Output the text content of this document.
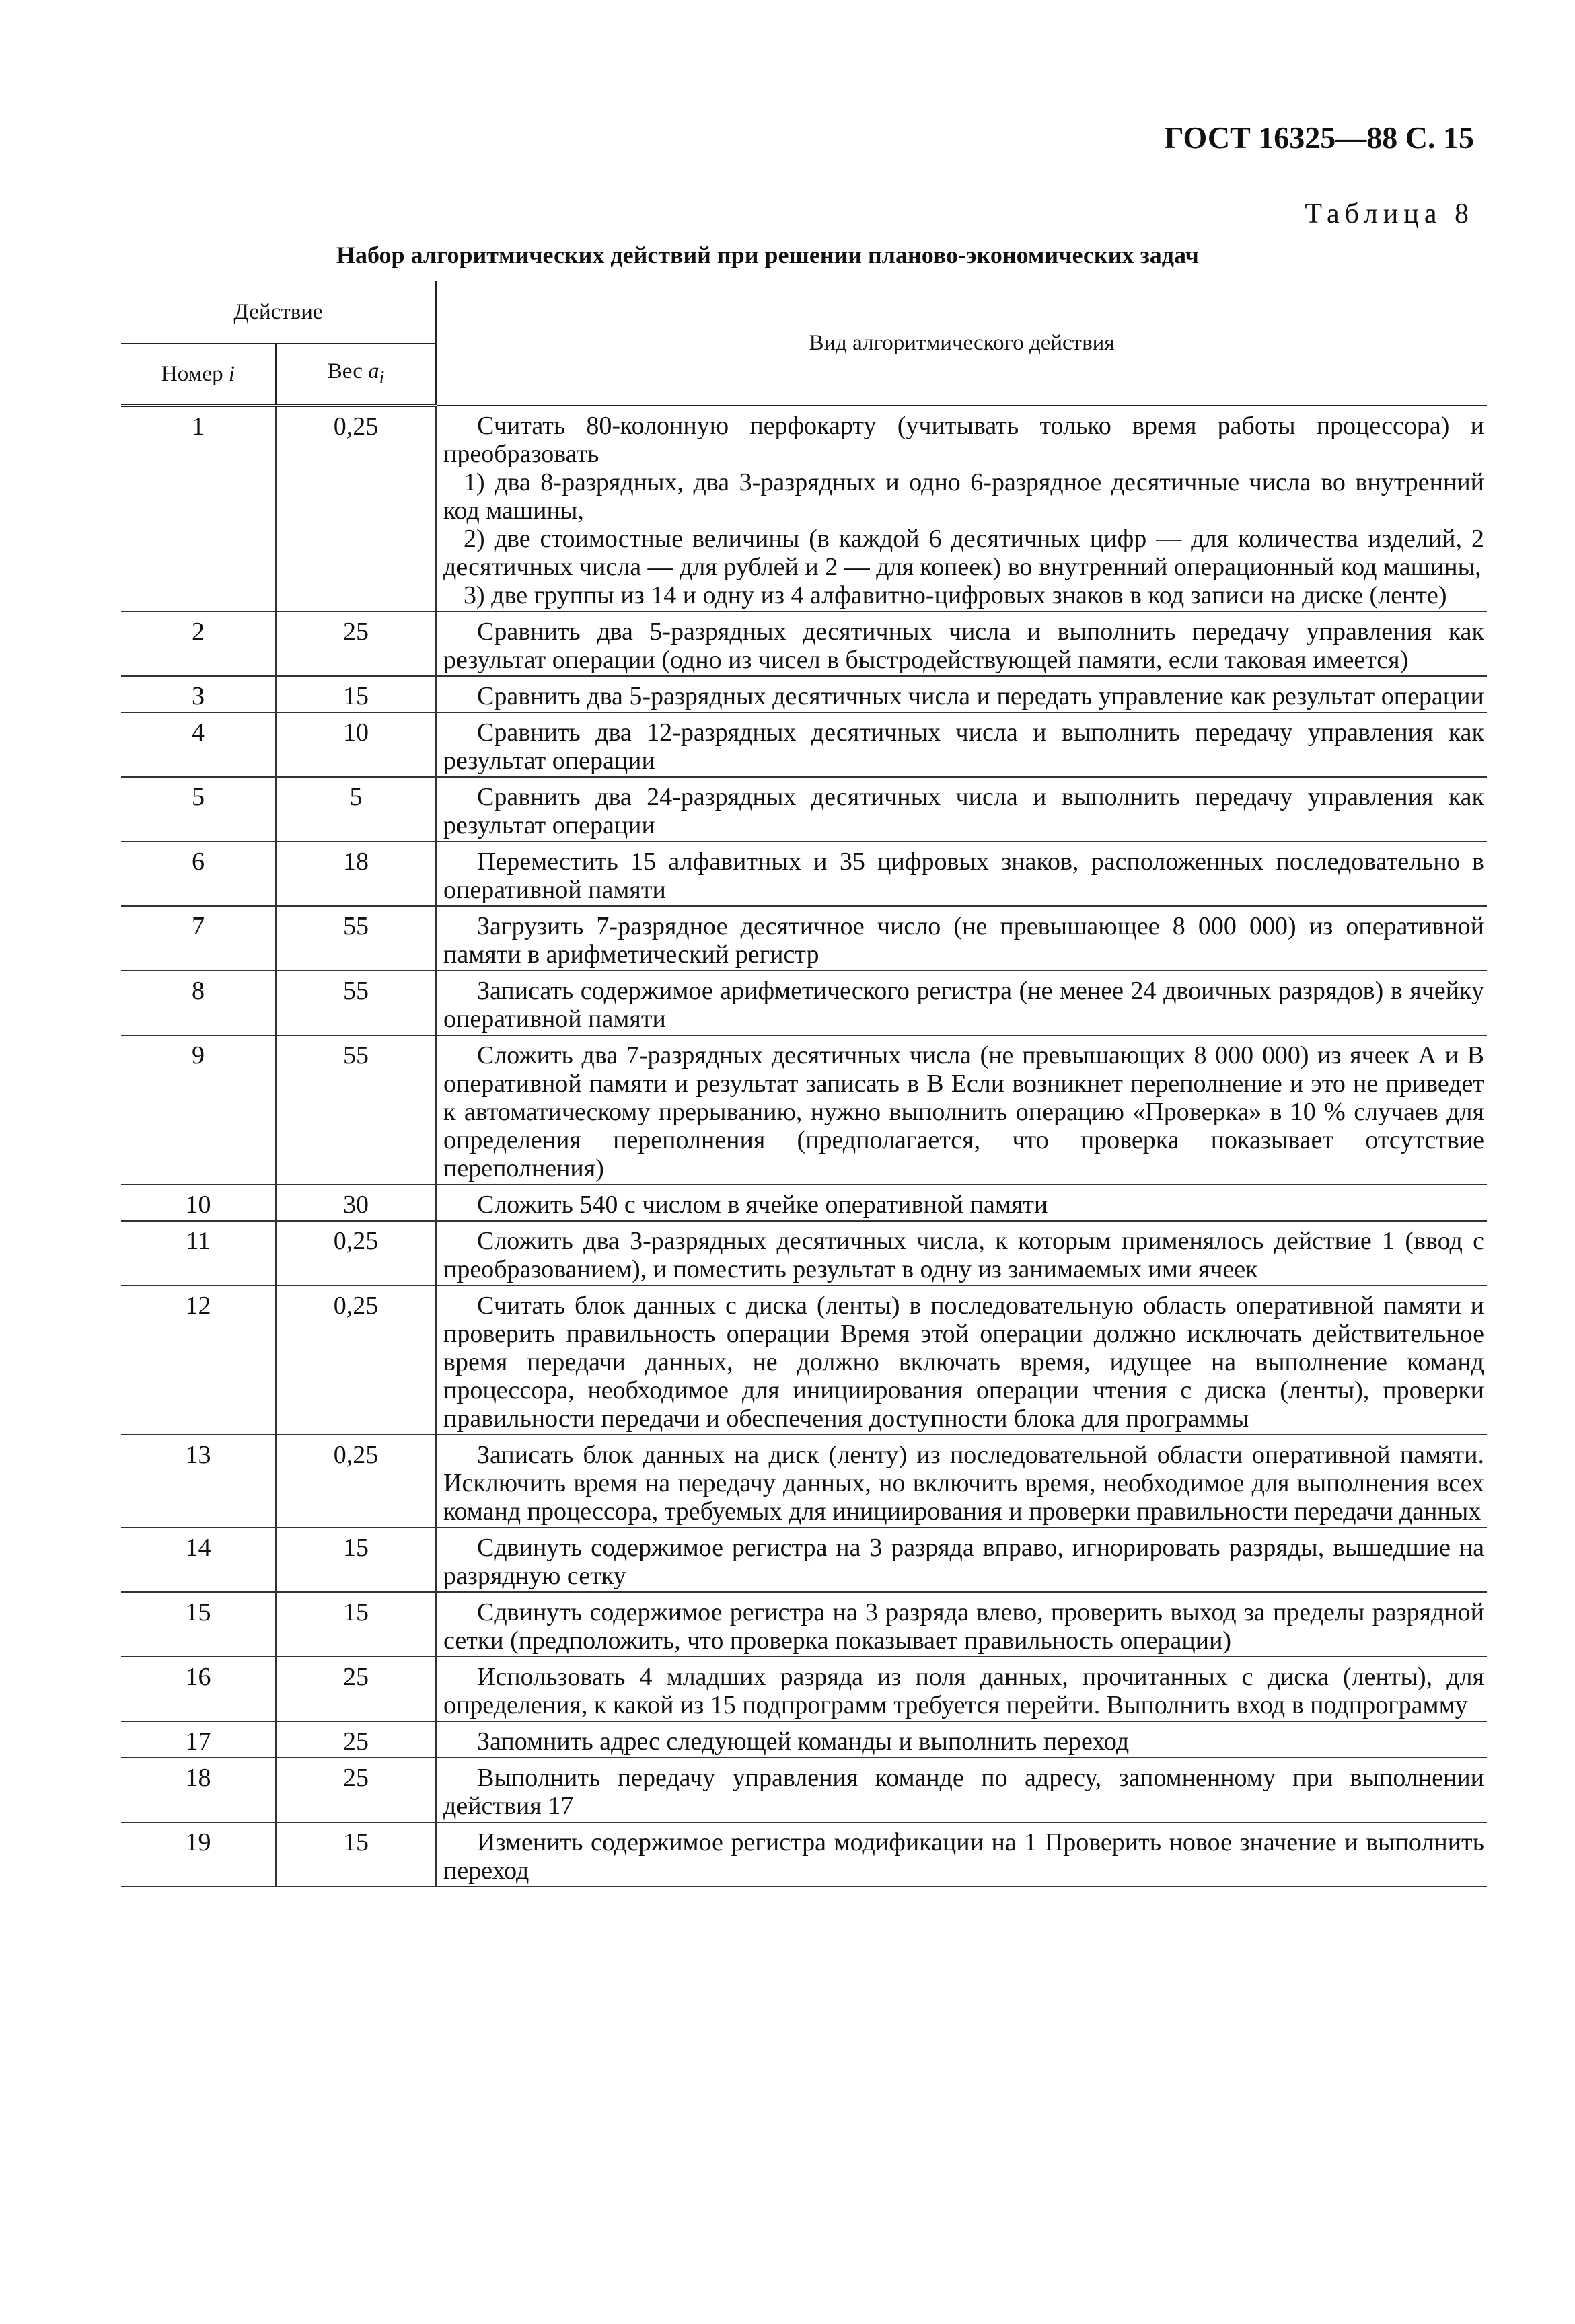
ГОСТ 16325—88 С. 15
Таблица 8
Набор алгоритмических действий при решении планово-экономических задач
Действие		Вид алгоритмического действия
Номер i	Вес $a_i$
1	0,25	Считать 80-колонную перфокарту (учитывать только время работы процессора) и преобразовать

1) два 8-разрядных, два 3-разрядных и одно 6-разрядное десятичные числа во внутренний код машины,

2) две стоимостные величины (в каждой 6 десятичных цифр — для количества изделий, 2 десятичных числа — для рублей и 2 — для копеек) во внутренний операционный код машины,

3) две группы из 14 и одну из 4 алфавитно-цифровых знаков в код записи на диске (ленте)

2	25	Сравнить два 5-разрядных десятичных числа и выполнить передачу управления как результат операции (одно из чисел в быстродействующей памяти, если таковая имеется)

3	15	Сравнить два 5-разрядных десятичных числа и передать управление как результат операции

4	10	Сравнить два 12-разрядных десятичных числа и выполнить передачу управления как результат операции

5	5	Сравнить два 24-разрядных десятичных числа и выполнить передачу управления как результат операции

6	18	Переместить 15 алфавитных и 35 цифровых знаков, расположенных последовательно в оперативной памяти

7	55	Загрузить 7-разрядное десятичное число (не превышающее 8 000 000) из оперативной памяти в арифметический регистр

8	55	Записать содержимое арифметического регистра (не менее 24 двоичных разрядов) в ячейку оперативной памяти

9	55	Сложить два 7-разрядных десятичных числа (не превышающих 8 000 000) из ячеек А и В оперативной памяти и результат записать в В Если возникнет переполнение и это не приведет к автоматическому прерыванию, нужно выполнить операцию «Проверка» в 10 % случаев для определения переполнения (предполагается, что проверка показывает отсутствие переполнения)

10	30	Сложить 540 с числом в ячейке оперативной памяти

11	0,25	Сложить два 3-разрядных десятичных числа, к которым применялось действие 1 (ввод с преобразованием), и поместить результат в одну из занимаемых ими ячеек

12	0,25	Считать блок данных с диска (ленты) в последовательную область оперативной памяти и проверить правильность операции Время этой операции должно исключать действительное время передачи данных, не должно включать время, идущее на выполнение команд процессора, необходимое для инициирования операции чтения с диска (ленты), проверки правильности передачи и обеспечения доступности блока для программы

13	0,25	Записать блок данных на диск (ленту) из последовательной области оперативной памяти. Исключить время на передачу данных, но включить время, необходимое для выполнения всех команд процессора, требуемых для инициирования и проверки правильности передачи данных

14	15	Сдвинуть содержимое регистра на 3 разряда вправо, игнорировать разряды, вышедшие на разрядную сетку

15	15	Сдвинуть содержимое регистра на 3 разряда влево, проверить выход за пределы разрядной сетки (предположить, что проверка показывает правильность операции)

16	25	Использовать 4 младших разряда из поля данных, прочитанных с диска (ленты), для определения, к какой из 15 подпрограмм требуется перейти. Выполнить вход в подпрограмму

17	25	Запомнить адрес следующей команды и выполнить переход

18	25	Выполнить передачу управления команде по адресу, запомненному при выполнении действия 17

19	15	Изменить содержимое регистра модификации на 1 Проверить новое значение и выполнить переход
